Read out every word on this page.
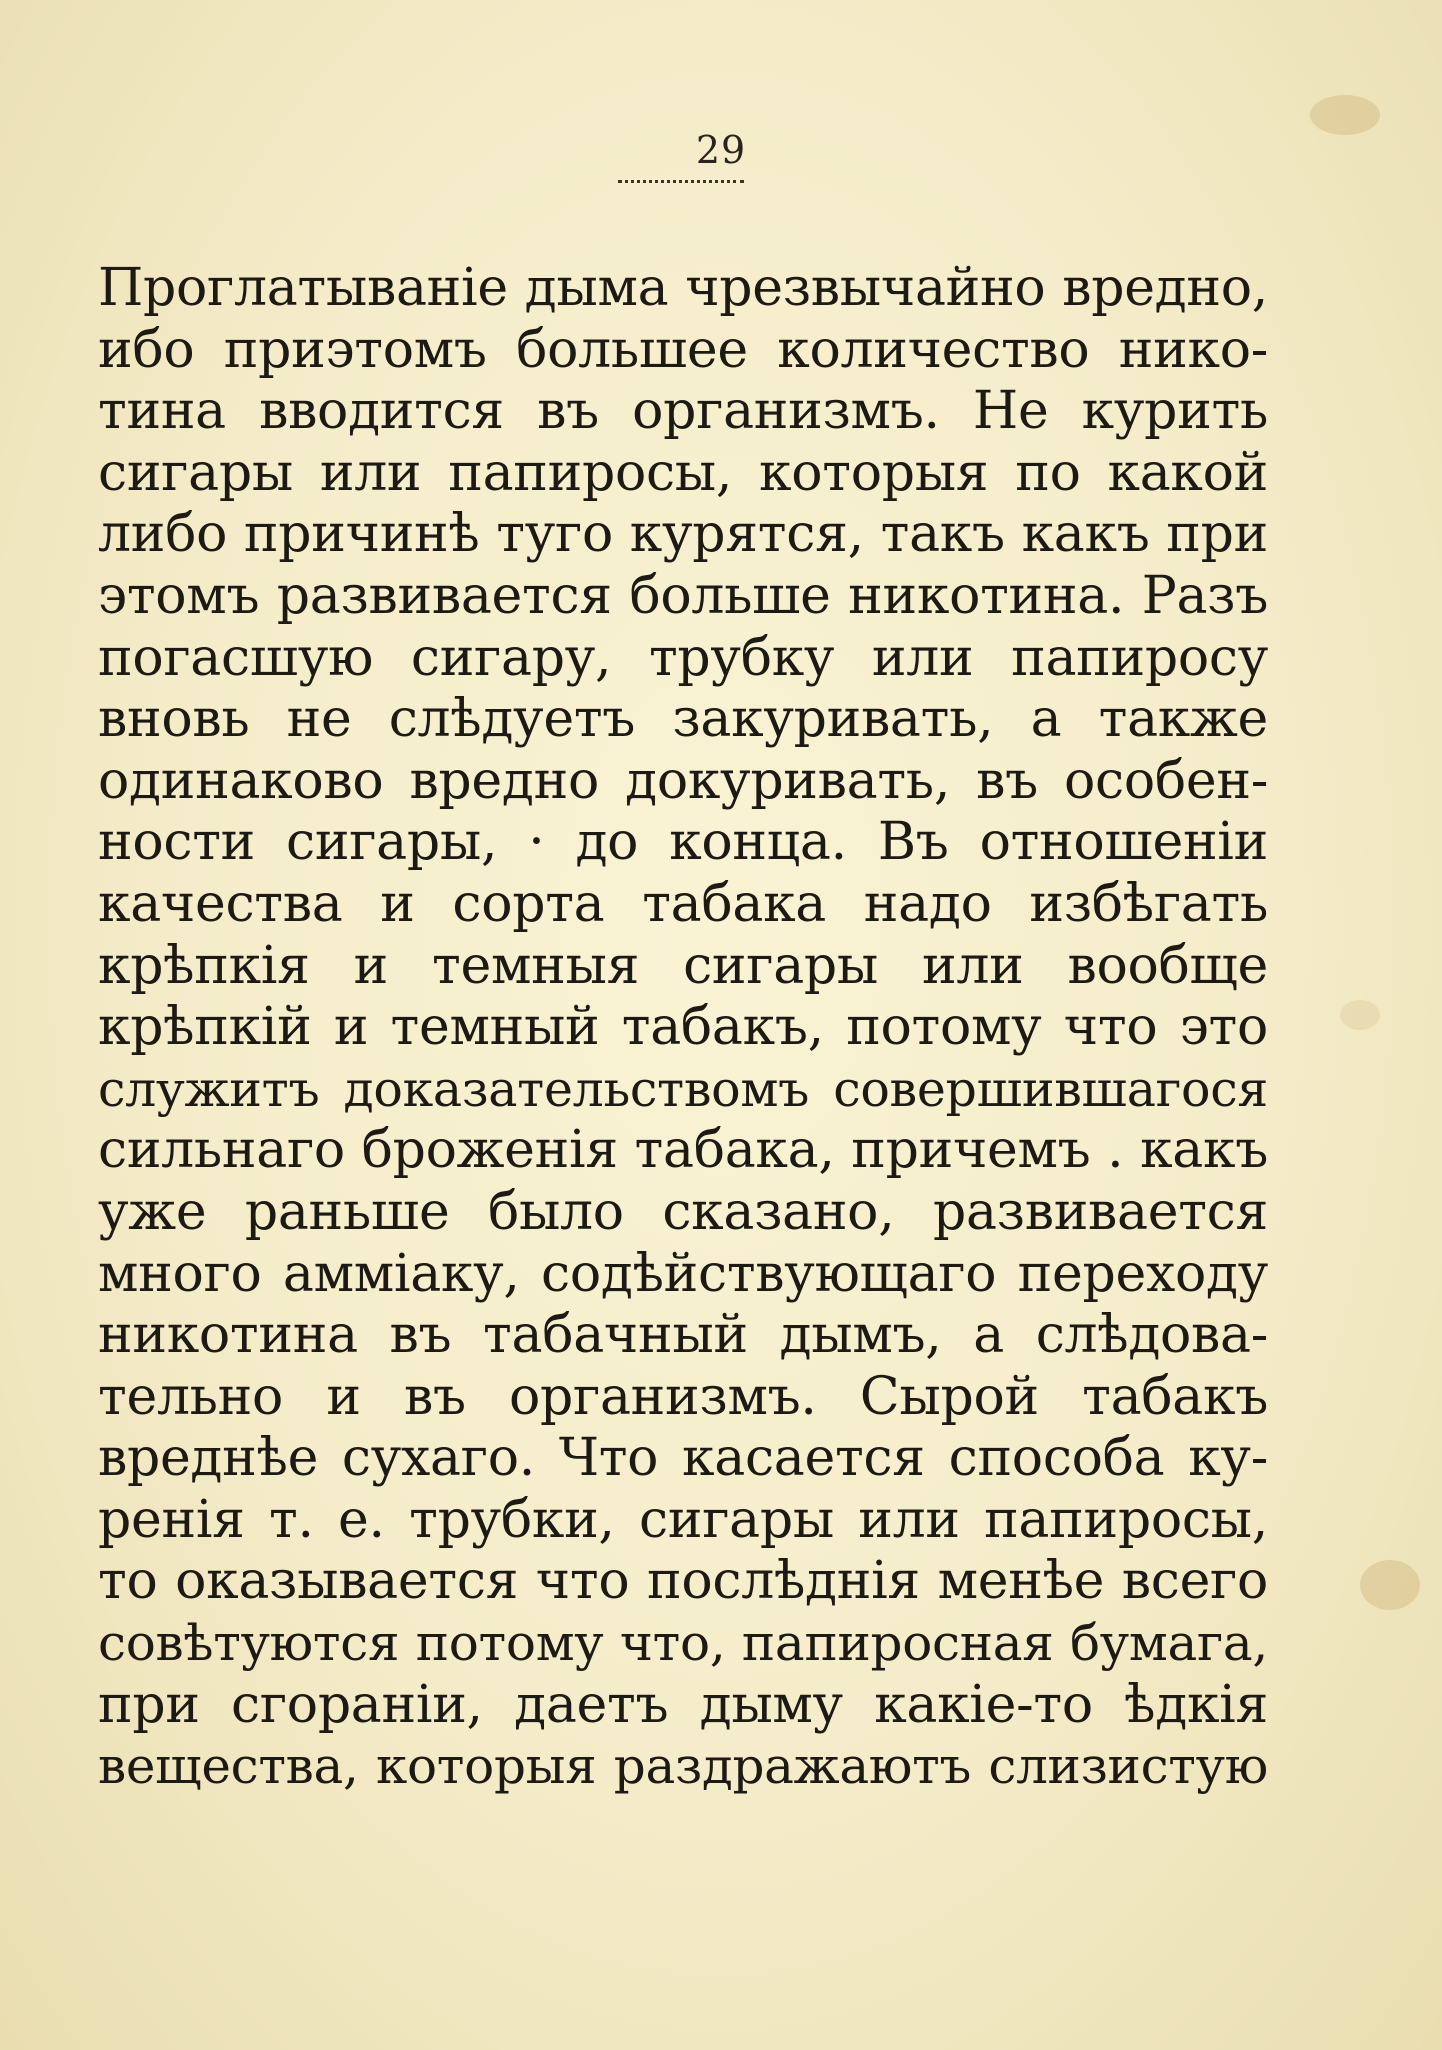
29
Проглатываніе дыма чрезвычайно вредно,
ибо приэтомъ большее количество нико-
тина вводится въ организмъ. Не курить
сигары или папиросы, которыя по какой
либо причинѣ туго курятся, такъ какъ при
этомъ развивается больше никотина. Разъ
погасшую сигару, трубку или папиросу
вновь не слѣдуетъ закуривать, а также
одинаково вредно докуривать, въ особен-
ности сигары, · до конца. Въ отношеніи
качества и сорта табака надо избѣгать
крѣпкія и темныя сигары или вообще
крѣпкій и темный табакъ, потому что это
служитъ доказательствомъ совершившагося
сильнаго броженія табака, причемъ . какъ
уже раньше было сказано, развивается
много амміаку, содѣйствующаго переходу
никотина въ табачный дымъ, а слѣдова-
тельно и въ организмъ. Сырой табакъ
вреднѣе сухаго. Что касается способа ку-
ренія т. е. трубки, сигары или папиросы,
то оказывается что послѣднія менѣе всего
совѣтуются потому что, папиросная бумага,
при сгораніи, даетъ дыму какіе-то ѣдкія
вещества, которыя раздражаютъ слизистую
